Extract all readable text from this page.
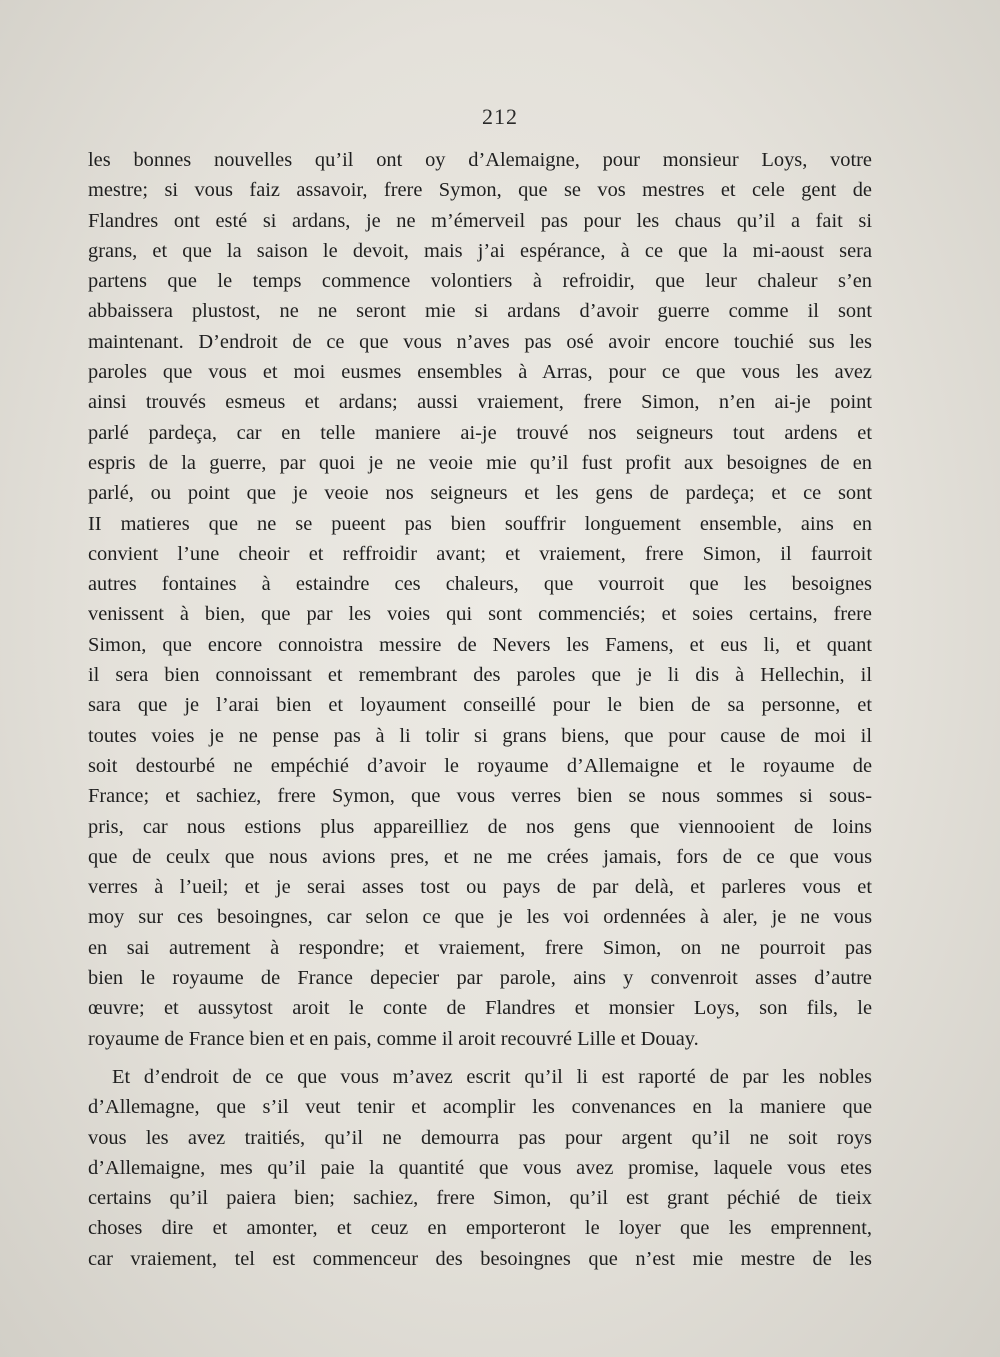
212
les bonnes nouvelles qu’il ont oy d’Alemaigne, pour monsieur Loys, votre
mestre; si vous faiz assavoir, frere Symon, que se vos mestres et cele gent de
Flandres ont esté si ardans, je ne m’émerveil pas pour les chaus qu’il a fait si
grans, et que la saison le devoit, mais j’ai espérance, à ce que la mi-aoust sera
partens que le temps commence volontiers à refroidir, que leur chaleur s’en
abbaissera plustost, ne ne seront mie si ardans d’avoir guerre comme il sont
maintenant. D’endroit de ce que vous n’aves pas osé avoir encore touchié sus les
paroles que vous et moi eusmes ensembles à Arras, pour ce que vous les avez
ainsi trouvés esmeus et ardans; aussi vraiement, frere Simon, n’en ai-je point
parlé pardeça, car en telle maniere ai-je trouvé nos seigneurs tout ardens et
espris de la guerre, par quoi je ne veoie mie qu’il fust profit aux besoignes de en
parlé, ou point que je veoie nos seigneurs et les gens de pardeça; et ce sont
II matieres que ne se pueent pas bien souffrir longuement ensemble, ains en
convient l’une cheoir et reffroidir avant; et vraiement, frere Simon, il faurroit
autres fontaines à estaindre ces chaleurs, que vourroit que les besoignes
venissent à bien, que par les voies qui sont commenciés; et soies certains, frere
Simon, que encore connoistra messire de Nevers les Famens, et eus li, et quant
il sera bien connoissant et remembrant des paroles que je li dis à Hellechin, il
sara que je l’arai bien et loyaument conseillé pour le bien de sa personne, et
toutes voies je ne pense pas à li tolir si grans biens, que pour cause de moi il
soit destourbé ne empéchié d’avoir le royaume d’Allemaigne et le royaume de
France; et sachiez, frere Symon, que vous verres bien se nous sommes si sous-
pris, car nous estions plus appareilliez de nos gens que viennooient de loins
que de ceulx que nous avions pres, et ne me crées jamais, fors de ce que vous
verres à l’ueil; et je serai asses tost ou pays de par delà, et parleres vous et
moy sur ces besoingnes, car selon ce que je les voi ordennées à aler, je ne vous
en sai autrement à respondre; et vraiement, frere Simon, on ne pourroit pas
bien le royaume de France depecier par parole, ains y convenroit asses d’autre
œuvre; et aussytost aroit le conte de Flandres et monsier Loys, son fils, le
royaume de France bien et en pais, comme il aroit recouvré Lille et Douay.
Et d’endroit de ce que vous m’avez escrit qu’il li est raporté de par les nobles
d’Allemagne, que s’il veut tenir et acomplir les convenances en la maniere que
vous les avez traitiés, qu’il ne demourra pas pour argent qu’il ne soit roys
d’Allemaigne, mes qu’il paie la quantité que vous avez promise, laquele vous etes
certains qu’il paiera bien; sachiez, frere Simon, qu’il est grant péchié de tieix
choses dire et amonter, et ceuz en emporteront le loyer que les emprennent,
car vraiement, tel est commenceur des besoingnes que n’est mie mestre de les
